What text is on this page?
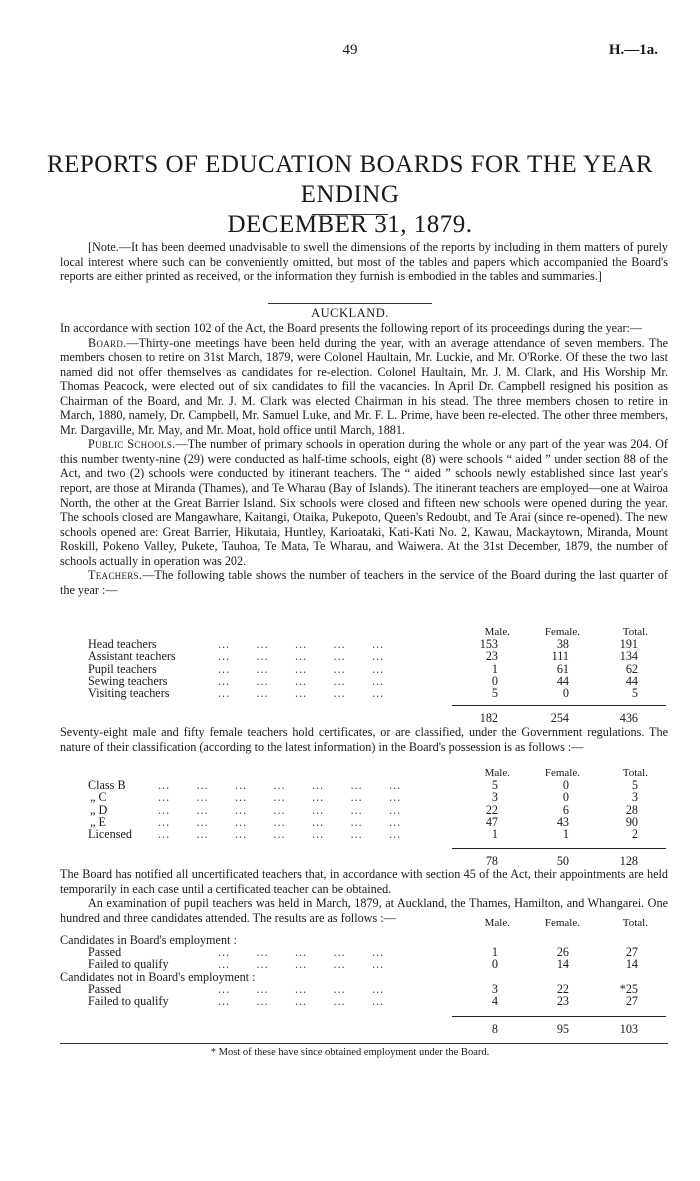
49	H.—1a.
REPORTS OF EDUCATION BOARDS FOR THE YEAR ENDING
DECEMBER 31, 1879.
[Note.—It has been deemed unadvisable to swell the dimensions of the reports by including in them matters of purely local interest where such can be conveniently omitted, but most of the tables and papers which accompanied the Board's reports are either printed as received, or the information they furnish is embodied in the tables and summaries.]
AUCKLAND.

In accordance with section 102 of the Act, the Board presents the following report of its proceedings during the year:—

Board.—Thirty-one meetings have been held during the year, with an average attendance of seven members. The members chosen to retire on 31st March, 1879, were Colonel Haultain, Mr. Luckie, and Mr. O'Rorke. Of these the two last named did not offer themselves as candidates for re-election. Colonel Haultain, Mr. J. M. Clark, and His Worship Mr. Thomas Peacock, were elected out of six candidates to fill the vacancies. In April Dr. Campbell resigned his position as Chairman of the Board, and Mr. J. M. Clark was elected Chairman in his stead. The three members chosen to retire in March, 1880, namely, Dr. Campbell, Mr. Samuel Luke, and Mr. F. L. Prime, have been re-elected. The other three members, Mr. Dargaville, Mr. May, and Mr. Moat, hold office until March, 1881.

Public Schools.—The number of primary schools in operation during the whole or any part of the year was 204. Of this number twenty-nine (29) were conducted as half-time schools, eight (8) were schools “ aided ” under section 88 of the Act, and two (2) schools were conducted by itinerant teachers. The “ aided ” schools newly established since last year's report, are those at Miranda (Thames), and Te Wharau (Bay of Islands). The itinerant teachers are employed—one at Wairoa North, the other at the Great Barrier Island. Six schools were closed and fifteen new schools were opened during the year. The schools closed are Mangawhare, Kaitangi, Otaika, Pukepoto, Queen's Redoubt, and Te Arai (since re-opened). The new schools opened are: Great Barrier, Hikutaia, Huntley, Karioataki, Kati-Kati No. 2, Kawau, Mackaytown, Miranda, Mount Roskill, Pokeno Valley, Pukete, Tauhoa, Te Mata, Te Wharau, and Waiwera. At the 31st December, 1879, the number of schools actually in operation was 202.

Teachers.—The following table shows the number of teachers in the service of the Board during the last quarter of the year :—

Male.	Female.	Total.
Head teachers	...  ...  ...  ...  ...	153	38	191
Assistant teachers	...  ...  ...  ...  ...	23	111	134
Pupil teachers	...  ...  ...  ...  ...	1	61	62
Sewing teachers	...  ...  ...  ...  ...	0	44	44
Visiting teachers	...  ...  ...  ...  ...	5	0	5
182	254	436

Seventy-eight male and fifty female teachers hold certificates, or are classified, under the Government regulations. The nature of their classification (according to the latest information) in the Board's possession is as follows :—

Male.	Female.	Total.
Class B	...  ...  ...  ...  ...  ...  ...	5	0	5
„ C	...  ...  ...  ...  ...  ...  ...	3	0	3
„ D	...  ...  ...  ...  ...  ...  ...	22	6	28
„ E	...  ...  ...  ...  ...  ...  ...	47	43	90
Licensed ...  ...  ...  ...  ...  ...  ...	1	1	2
78	50	128

The Board has notified all uncertificated teachers that, in accordance with section 45 of the Act, their appointments are held temporarily in each case until a certificated teacher can be obtained.

An examination of pupil teachers was held in March, 1879, at Auckland, the Thames, Hamilton, and Whangarei. One hundred and three candidates attended. The results are as follows :—	Male.	Female.	Total.
Candidates in Board's employment :
Passed	...  ...  ...  ...  ...	1	26	27
Failed to qualify	...  ...  ...  ...  ...	0	14	14
Candidates not in Board's employment :
Passed	...  ...  ...  ...  ...	3	22	*25
Failed to qualify	...  ...  ...  ...  ...	4	23	27
8	95	103
* Most of these have since obtained employment under the Board.
